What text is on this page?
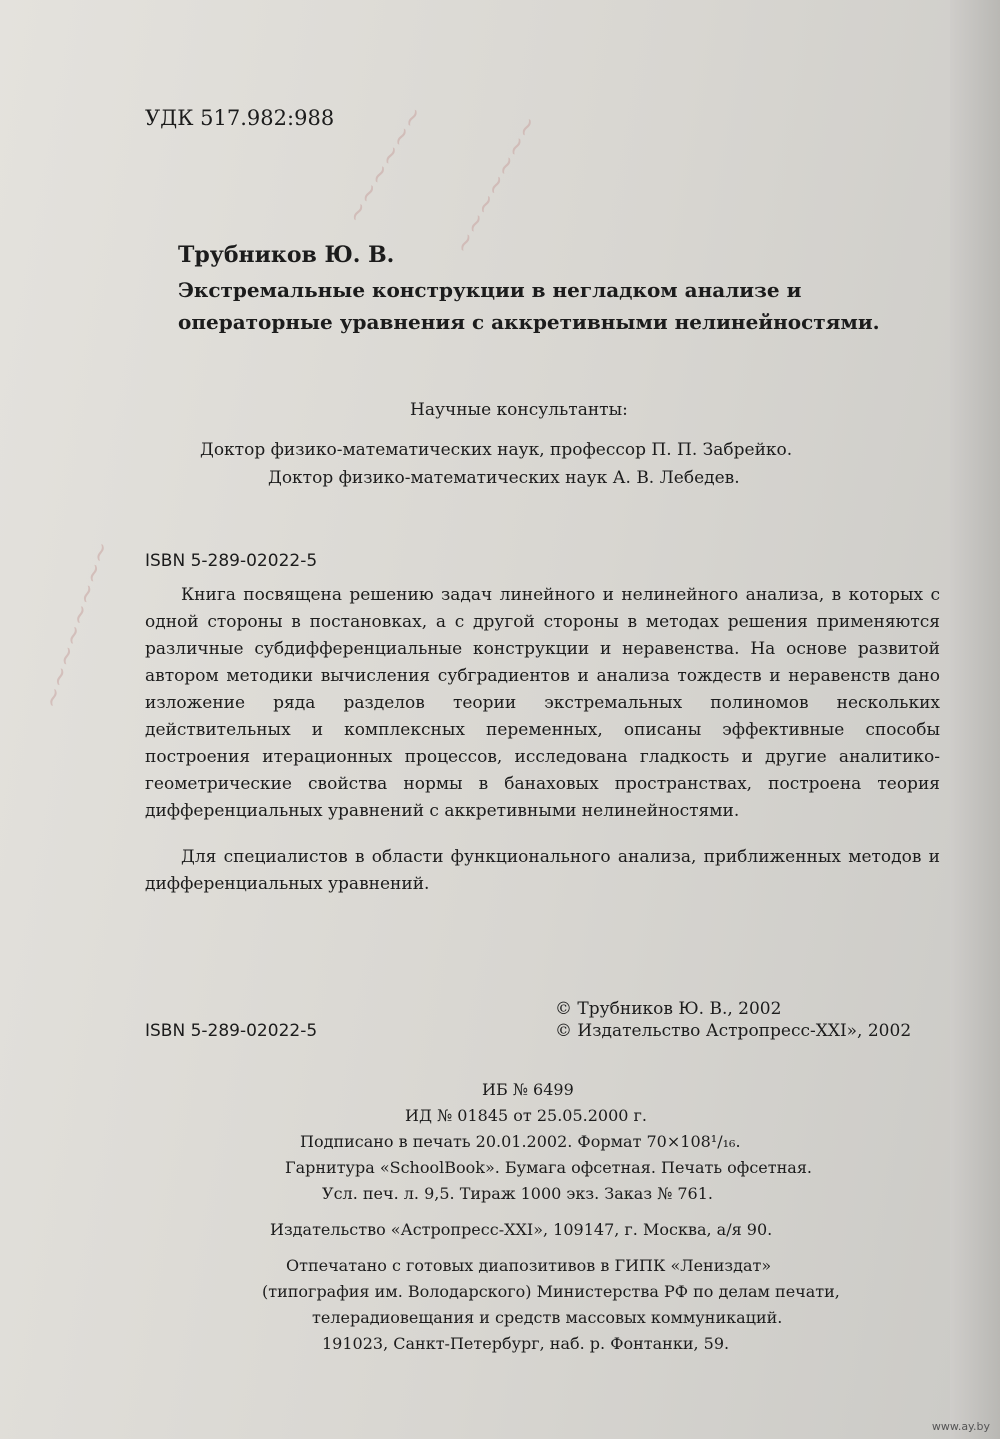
~~~~~~ ~~~~~~~
~~~~~~~~
УДК 517.982:988
Трубников Ю. В.
Экстремальные конструкции в негладком анализе и
операторные уравнения с аккретивными нелинейностями.
Научные консультанты:
Доктор физико-математических наук, профессор П. П. Забрейко.
Доктор физико-математических наук А. В. Лебедев.
ISBN 5-289-02022-5

Книга посвящена решению задач линейного и нелинейного анализа, в которых с одной стороны в постановках, а с другой стороны в методах решения применяются различные субдифференциальные конструкции и неравенства. На основе развитой автором методики вычисления субградиентов и анализа тождеств и неравенств дано изложение ряда разделов теории экстремальных полиномов нескольких действительных и комплексных переменных, описаны эффективные способы построения итерационных процессов, исследована гладкость и другие аналитико-геометрические свойства нормы в банаховых пространствах, построена теория дифференциальных уравнений с аккретивными нелинейностями.

Для специалистов в области функционального анализа, приближенных методов и дифференциальных уравнений.

© Трубников Ю. В., 2002
ISBN 5-289-02022-5	© Издательство Астропресс-XXI», 2002
ИБ № 6499
ИД № 01845 от 25.05.2000 г.
Подписано в печать 20.01.2002. Формат 70×108¹/₁₆.
Гарнитура «SchoolBook». Бумага офсетная. Печать офсетная.
Усл. печ. л. 9,5. Тираж 1000 экз. Заказ № 761.
Издательство «Астропресс-XXI», 109147, г. Москва, а/я 90.
Отпечатано с готовых диапозитивов в ГИПК «Лениздат»
(типография им. Володарского) Министерства РФ по делам печати,
телерадиовещания и средств массовых коммуникаций.
191023, Санкт-Петербург, наб. р. Фонтанки, 59.
www.ay.by
